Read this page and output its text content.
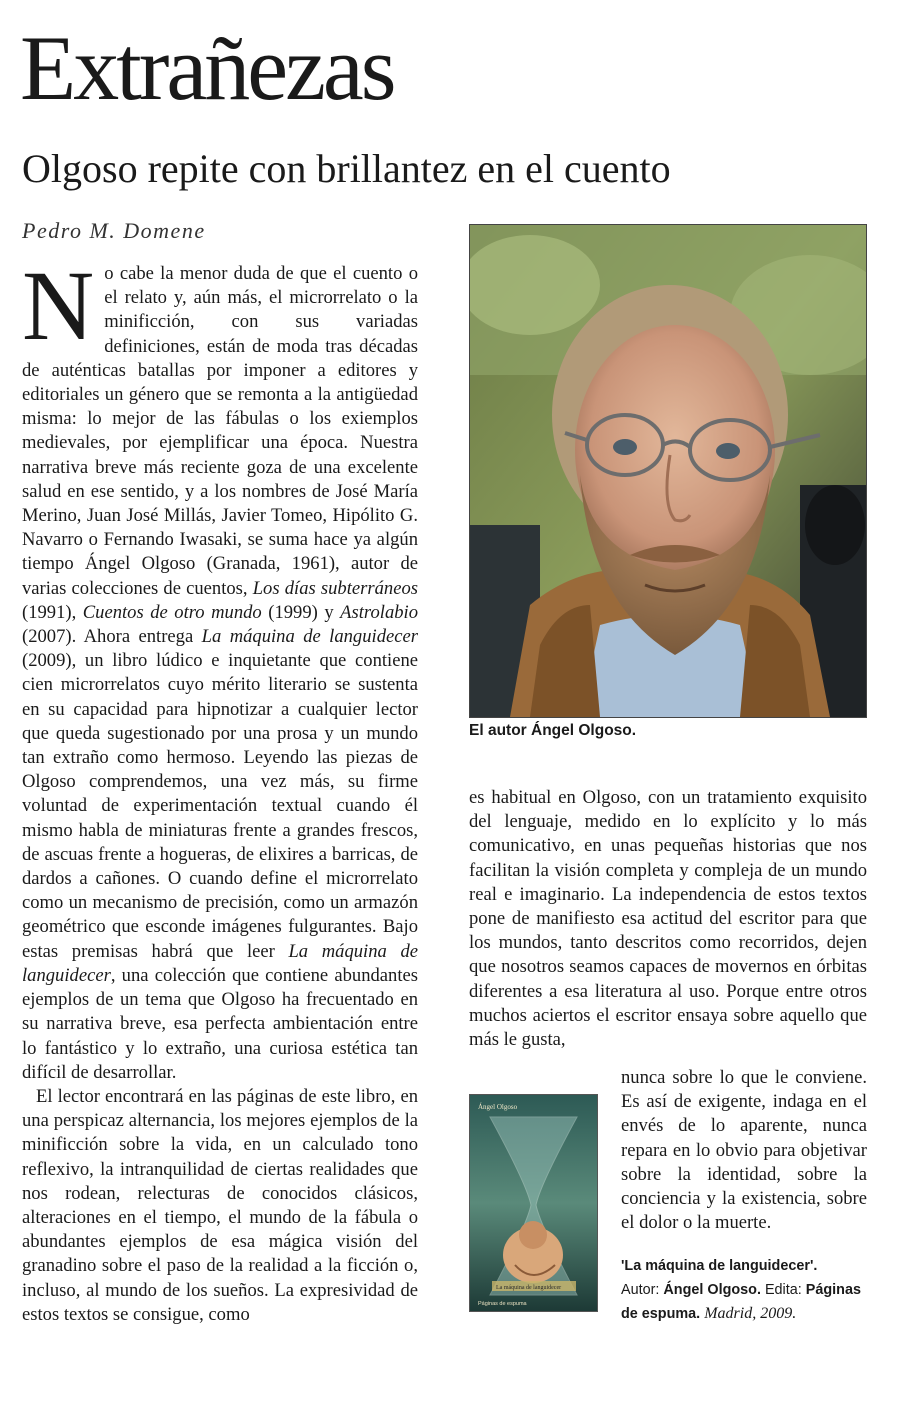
Extrañezas
Olgoso repite con brillantez en el cuento
Pedro M. Domene

No cabe la menor duda de que el cuento o el relato y, aún más, el microrrelato o la minificción, con sus variadas definiciones, están de moda tras décadas de auténticas batallas por imponer a editores y editoriales un género que se remonta a la antigüedad misma: lo mejor de las fábulas o los exiemplos medievales, por ejemplificar una época. Nuestra narrativa breve más reciente goza de una excelente salud en ese sentido, y a los nombres de José María Merino, Juan José Millás, Javier Tomeo, Hipólito G. Navarro o Fernando Iwasaki, se suma hace ya algún tiempo Ángel Olgoso (Granada, 1961), autor de varias colecciones de cuentos, Los días subterráneos (1991), Cuentos de otro mundo (1999) y Astrolabio (2007). Ahora entrega La máquina de languidecer (2009), un libro lúdico e inquietante que contiene cien microrrelatos cuyo mérito literario se sustenta en su capacidad para hipnotizar a cualquier lector que queda sugestionado por una prosa y un mundo tan extraño como hermoso. Leyendo las piezas de Olgoso comprendemos, una vez más, su firme voluntad de experimentación textual cuando él mismo habla de miniaturas frente a grandes frescos, de ascuas frente a hogueras, de elixires a barricas, de dardos a cañones. O cuando define el microrrelato como un mecanismo de precisión, como un armazón geométrico que esconde imágenes fulgurantes. Bajo estas premisas habrá que leer La máquina de languidecer, una colección que contiene abundantes ejemplos de un tema que Olgoso ha frecuentado en su narrativa breve, esa perfecta ambientación entre lo fantástico y lo extraño, una curiosa estética tan difícil de desarrollar.

El lector encontrará en las páginas de este libro, en una perspicaz alternancia, los mejores ejemplos de la minificción sobre la vida, en un calculado tono reflexivo, la intranquilidad de ciertas realidades que nos rodean, relecturas de conocidos clásicos, alteraciones en el tiempo, el mundo de la fábula o abundantes ejemplos de esa mágica visión del granadino sobre el paso de la realidad a la ficción o, incluso, al mundo de los sueños. La expresividad de estos textos se consigue, como

El autor Ángel Olgoso.

es habitual en Olgoso, con un tratamiento exquisito del lenguaje, medido en lo explícito y lo más comunicativo, en unas pequeñas historias que nos facilitan la visión completa y compleja de un mundo real e imaginario. La independencia de estos textos pone de manifiesto esa actitud del escritor para que los mundos, tanto descritos como recorridos, dejen que nosotros seamos capaces de movernos en órbitas diferentes a esa literatura al uso. Porque entre otros muchos aciertos el escritor ensaya sobre aquello que más le gusta,

nunca sobre lo que le conviene. Es así de exigente, indaga en el envés de lo aparente, nunca repara en lo obvio para objetivar sobre la identidad, sobre la conciencia y la existencia, sobre el dolor o la muerte.

Ángel Olgoso
La máquina de languidecer
Páginas de espuma
'La máquina de languidecer'.
Autor: Ángel Olgoso. Edita: Páginas de espuma. Madrid, 2009.
